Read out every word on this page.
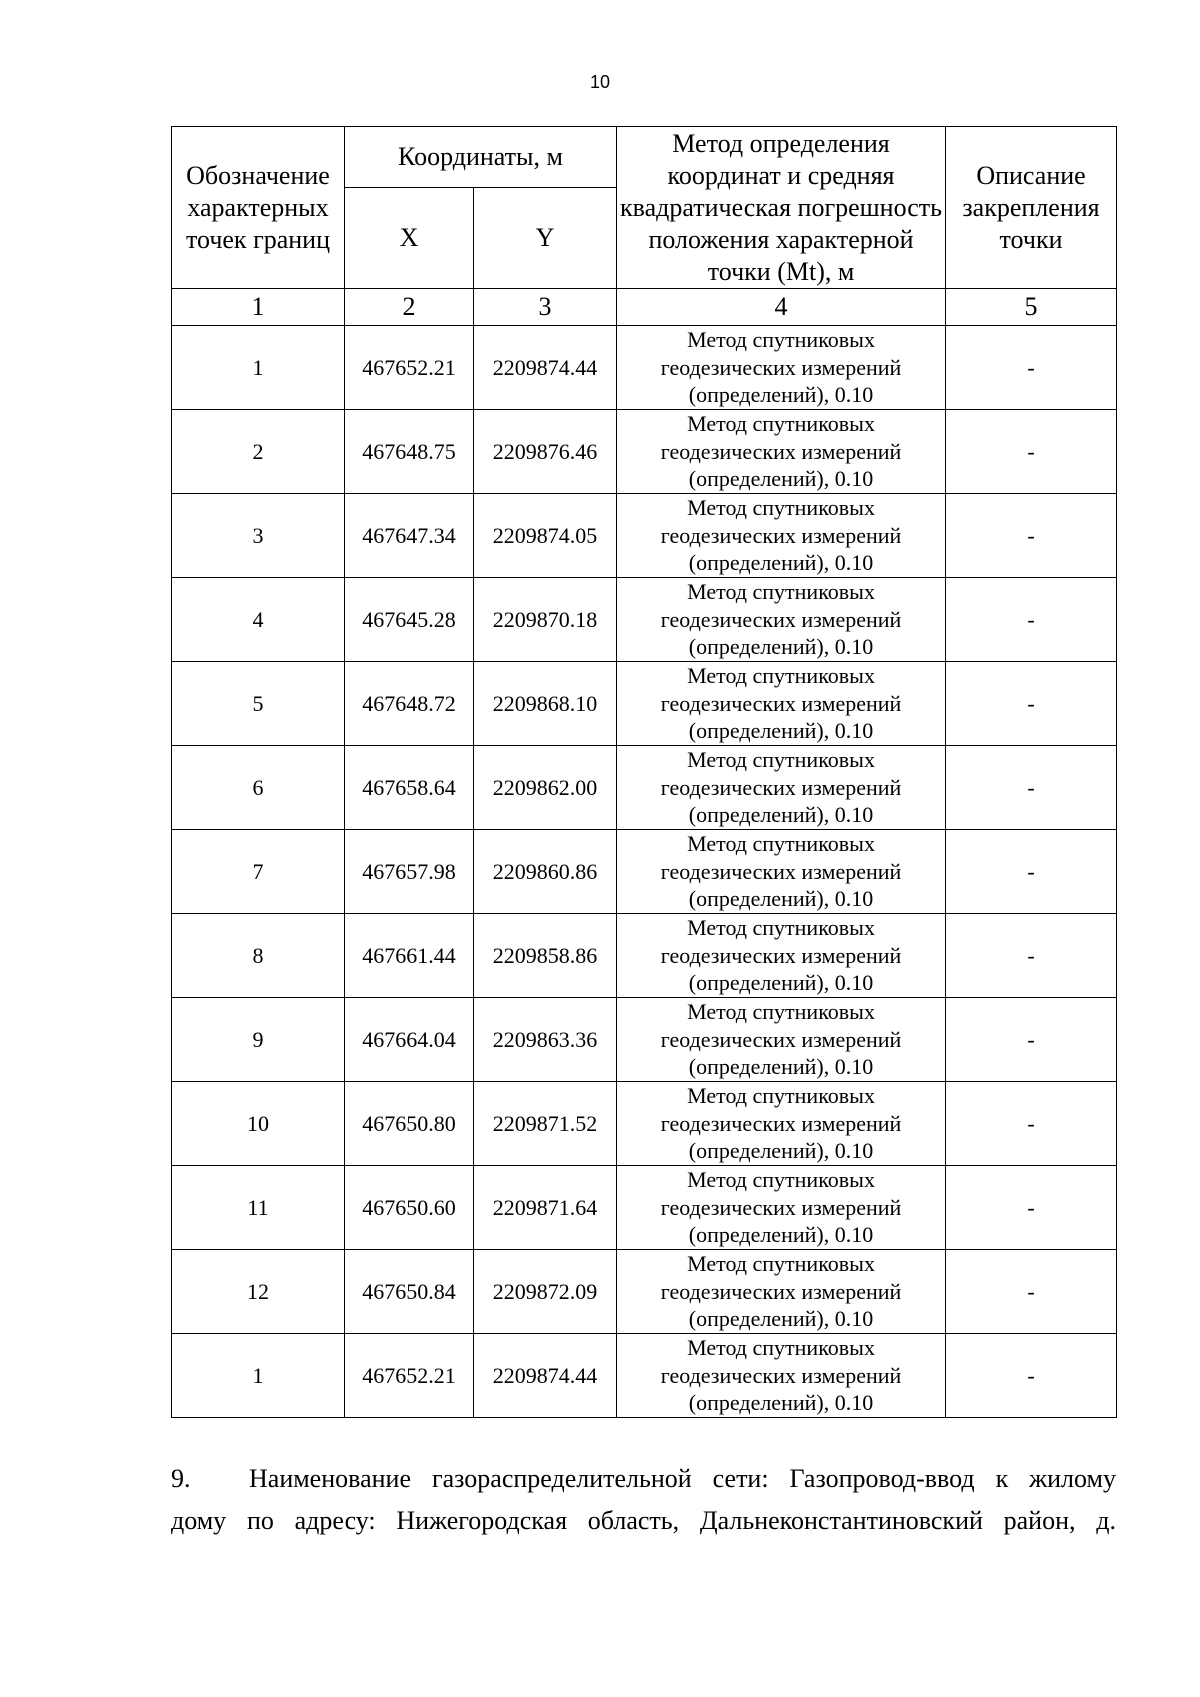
10
Обозначение характерных точек границ	Координаты, м		Метод определения координат и средняя квадратическая погрешность положения характерной точки (Mt), м	Описание закрепления точки
	X	Y		
1	2	3	4	5
1	467652.21	2209874.44	Метод спутниковых геодезических измерений (определений), 0.10	-
2	467648.75	2209876.46	Метод спутниковых геодезических измерений (определений), 0.10	-
3	467647.34	2209874.05	Метод спутниковых геодезических измерений (определений), 0.10	-
4	467645.28	2209870.18	Метод спутниковых геодезических измерений (определений), 0.10	-
5	467648.72	2209868.10	Метод спутниковых геодезических измерений (определений), 0.10	-
6	467658.64	2209862.00	Метод спутниковых геодезических измерений (определений), 0.10	-
7	467657.98	2209860.86	Метод спутниковых геодезических измерений (определений), 0.10	-
8	467661.44	2209858.86	Метод спутниковых геодезических измерений (определений), 0.10	-
9	467664.04	2209863.36	Метод спутниковых геодезических измерений (определений), 0.10	-
10	467650.80	2209871.52	Метод спутниковых геодезических измерений (определений), 0.10	-
11	467650.60	2209871.64	Метод спутниковых геодезических измерений (определений), 0.10	-
12	467650.84	2209872.09	Метод спутниковых геодезических измерений (определений), 0.10	-
1	467652.21	2209874.44	Метод спутниковых геодезических измерений (определений), 0.10	-
9. Наименование газораспределительной сети: Газопровод-ввод к жилому
дому по адресу: Нижегородская область, Дальнеконстантиновский район, д.
